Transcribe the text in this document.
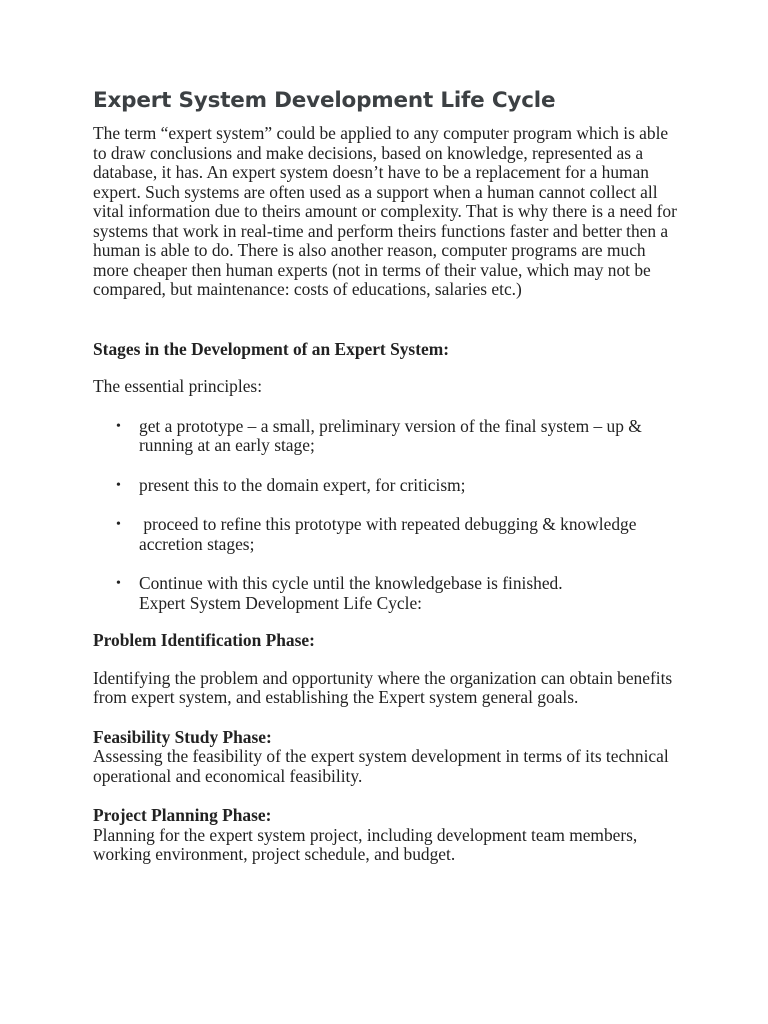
Expert System Development Life Cycle

The term “expert system” could be applied to any computer program which is able to draw conclusions and make decisions, based on knowledge, represented as a database, it has. An expert system doesn’t have to be a replacement for a human expert. Such systems are often used as a support when a human cannot collect all vital information due to theirs amount or complexity. That is why there is a need for systems that work in real-time and perform theirs functions faster and better then a human is able to do. There is also another reason, computer programs are much more cheaper then human experts (not in terms of their value, which may not be compared, but maintenance: costs of educations, salaries etc.)

Stages in the Development of an Expert System:

The essential principles:

• get a prototype – a small, preliminary version of the final system – up & running at an early stage;
• present this to the domain expert, for criticism;
• proceed to refine this prototype with repeated debugging & knowledge accretion stages;
• Continue with this cycle until the knowledgebase is finished.
Expert System Development Life Cycle:

Problem Identification Phase:

Identifying the problem and opportunity where the organization can obtain benefits from expert system, and establishing the Expert system general goals.

Feasibility Study Phase:

Assessing the feasibility of the expert system development in terms of its technical operational and economical feasibility.

Project Planning Phase:

Planning for the expert system project, including development team members, working environment, project schedule, and budget.
